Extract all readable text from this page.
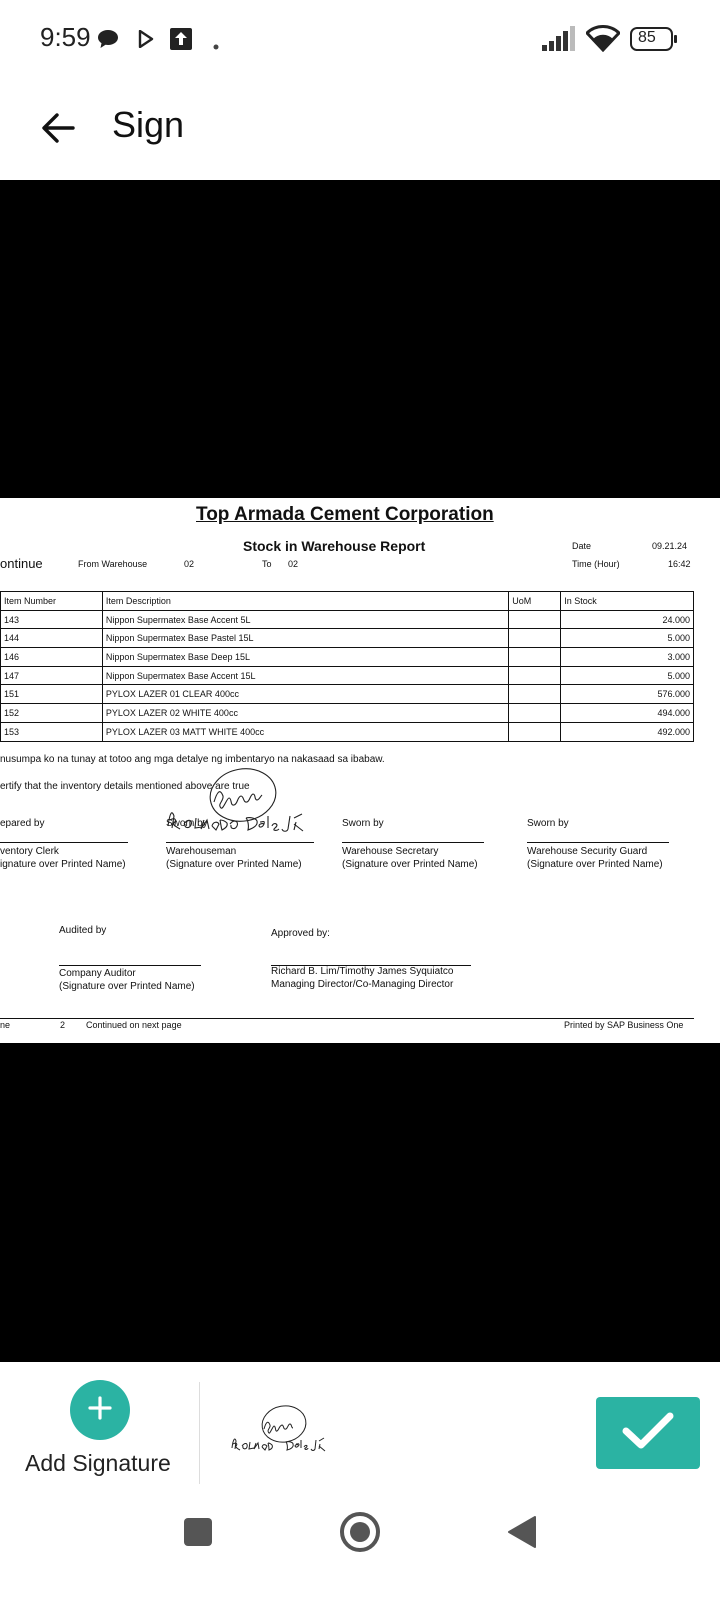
9:59	85
Sign
Top Armada Cement Corporation
Stock in Warehouse Report
ontinue	From Warehouse	02	To 02
Date	09.21.24
Time (Hour)	16:42
Item Number	Item Description	UoM	In Stock
143	Nippon Supermatex Base Accent 5L		24.000
144	Nippon Supermatex Base Pastel 15L		5.000
146	Nippon Supermatex Base Deep 15L		3.000
147	Nippon Supermatex Base Accent 15L		5.000
151	PYLOX LAZER 01 CLEAR 400cc		576.000
152	PYLOX LAZER 02 WHITE 400cc		494.000
153	PYLOX LAZER 03 MATT WHITE 400cc		492.000
nusumpa ko na tunay at totoo ang mga detalye ng imbentaryo na nakasaad sa ibabaw.
ertify that the inventory details mentioned above are true
epared by	Sworn by	Sworn by	Sworn by
ventory Clerk
ignature over Printed Name)
Warehouseman
(Signature over Printed Name)
Warehouse Secretary
(Signature over Printed Name)
Warehouse Security Guard
(Signature over Printed Name)
Audited by	Approved by:
Company Auditor
(Signature over Printed Name)
Richard B. Lim/Timothy James Syquiatco
Managing Director/Co-Managing Director
ne	2 Continued on next page	Printed by SAP Business One
Add Signature
